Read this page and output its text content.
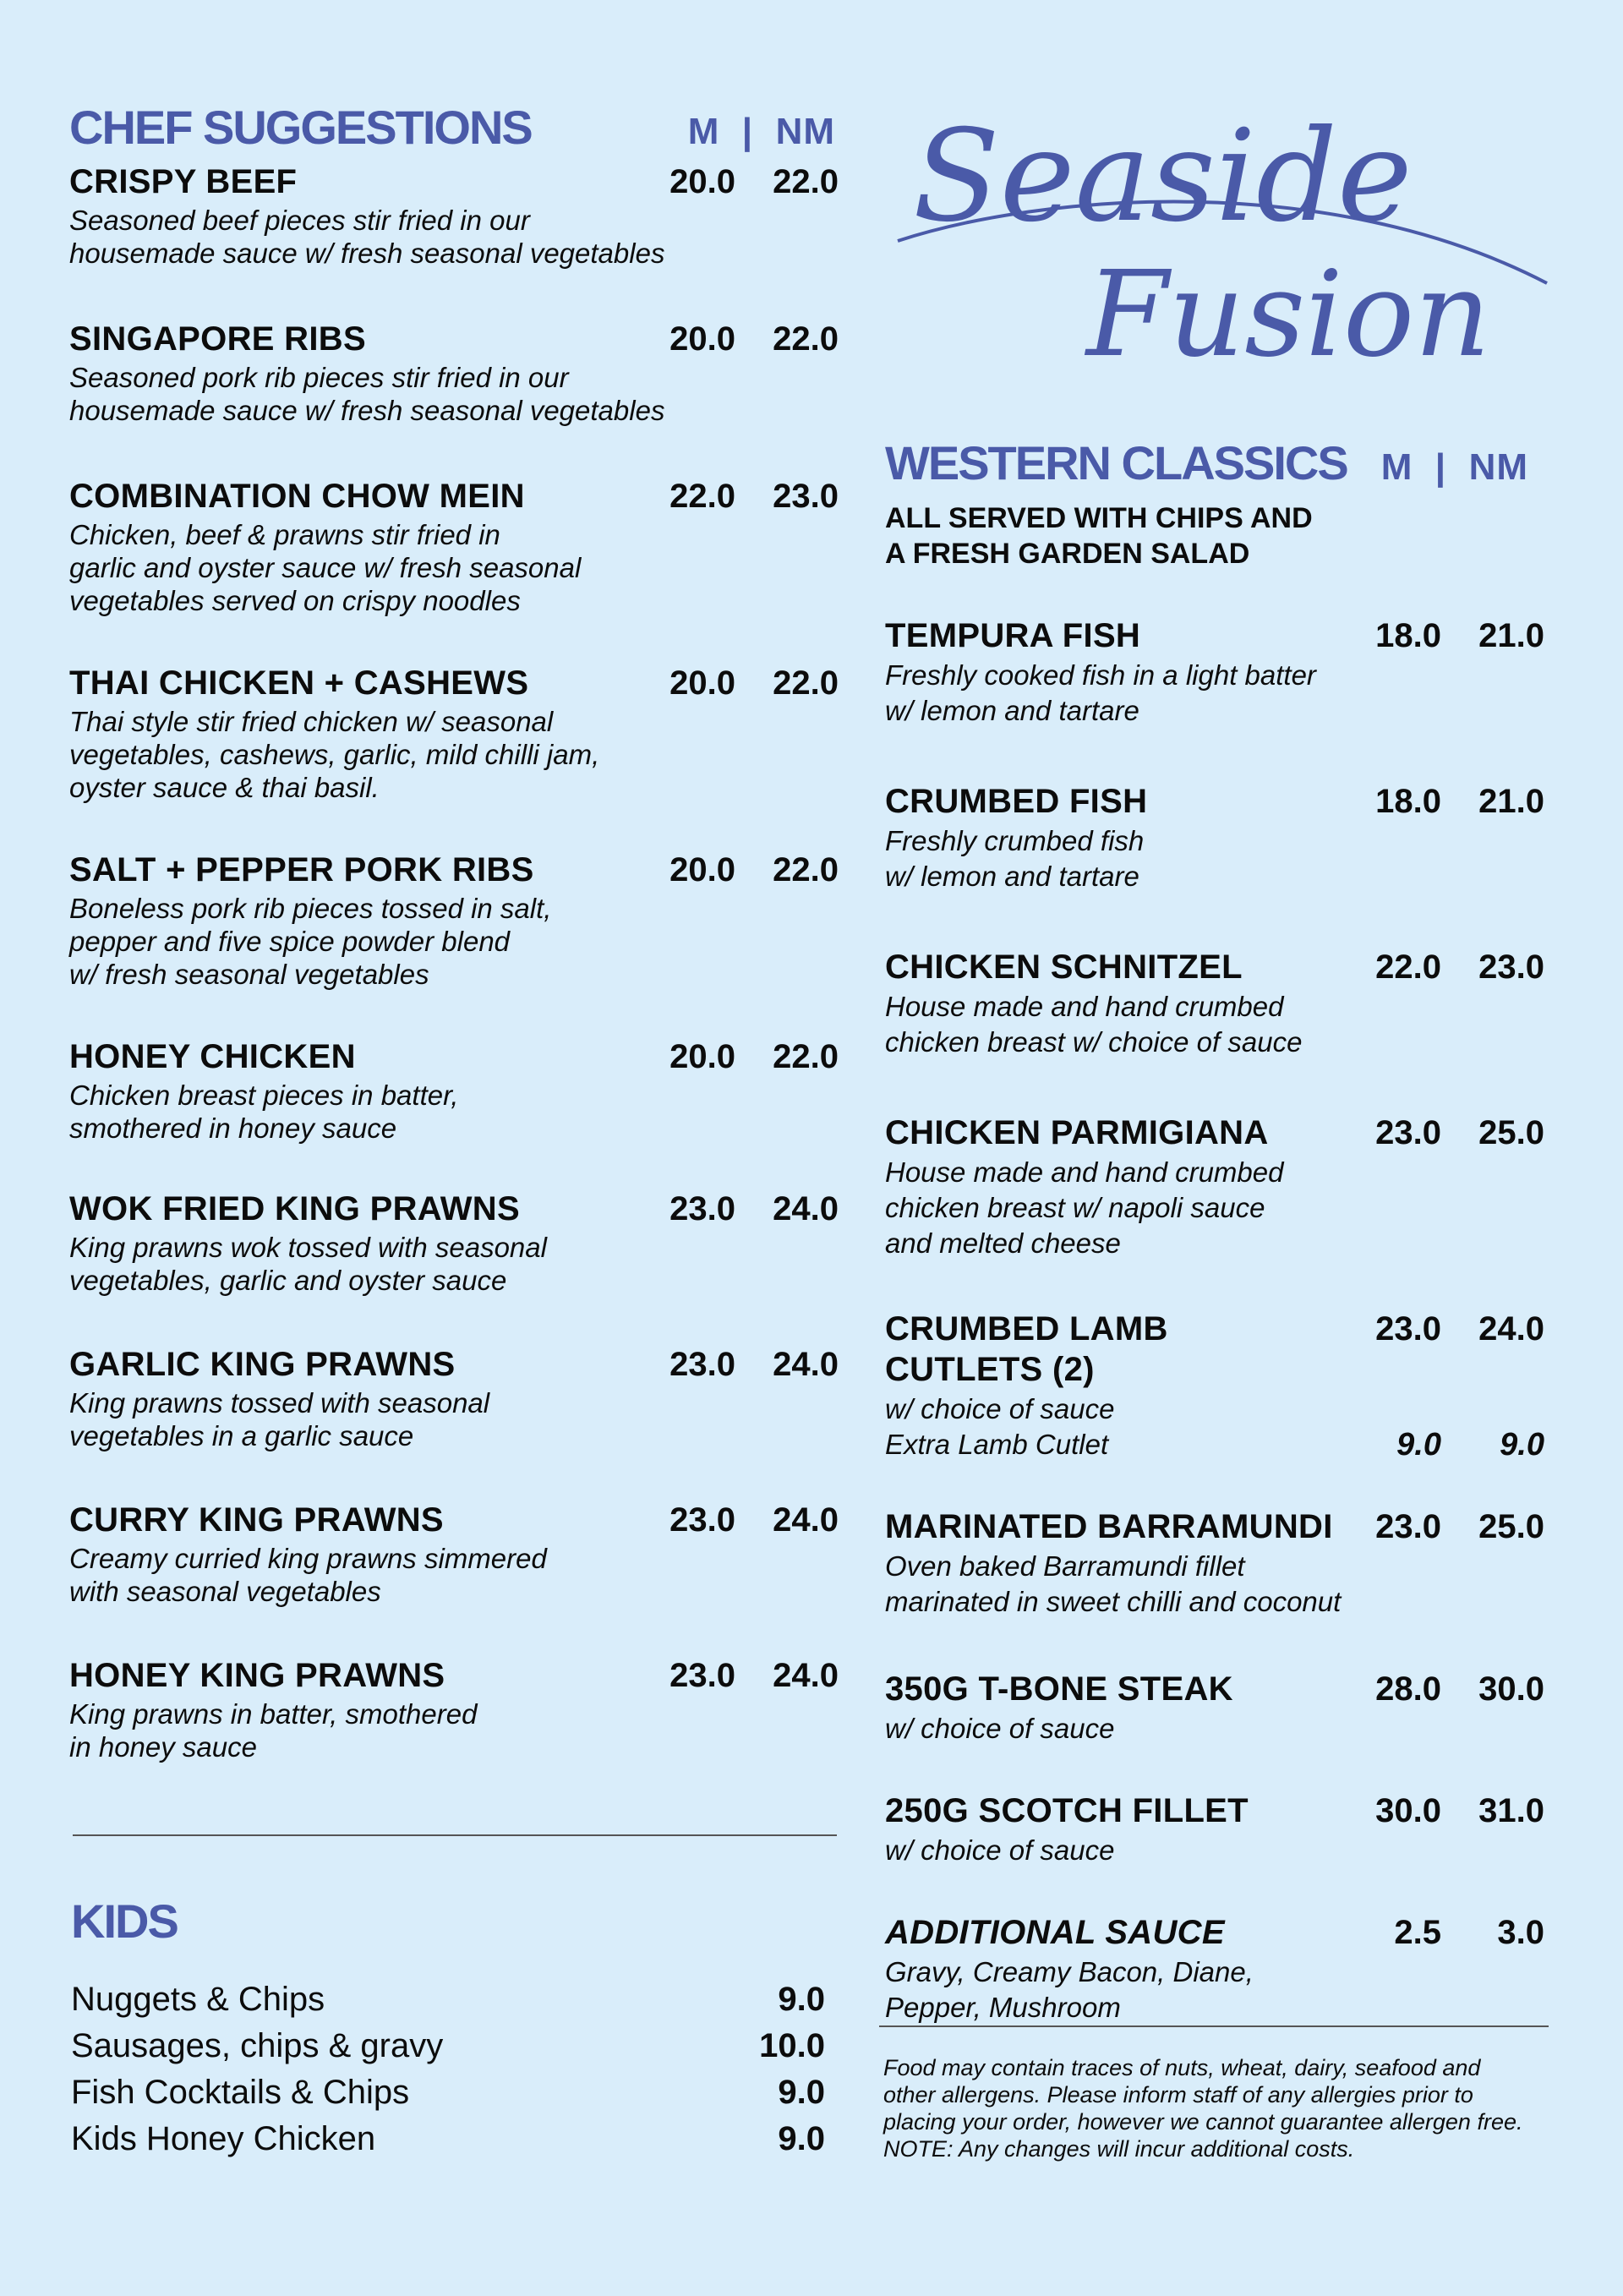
CHEF SUGGESTIONS	M  |  NM
CRISPY BEEF	20.0	22.0
Seasoned beef pieces stir fried in our
housemade sauce w/ fresh seasonal vegetables
SINGAPORE RIBS	20.0	22.0
Seasoned pork rib pieces stir fried in our
housemade sauce w/ fresh seasonal vegetables
COMBINATION CHOW MEIN	22.0	23.0
Chicken, beef & prawns stir fried in
garlic and oyster sauce w/ fresh seasonal
vegetables served on crispy noodles
THAI CHICKEN + CASHEWS	20.0	22.0
Thai style stir fried chicken w/ seasonal
vegetables, cashews, garlic, mild chilli jam,
oyster sauce & thai basil.
SALT + PEPPER PORK RIBS	20.0	22.0
Boneless pork rib pieces tossed in salt,
pepper and five spice powder blend
w/ fresh seasonal vegetables
HONEY CHICKEN	20.0	22.0
Chicken breast pieces in batter,
smothered in honey sauce
WOK FRIED KING PRAWNS	23.0	24.0
King prawns wok tossed with seasonal
vegetables, garlic and oyster sauce
GARLIC KING PRAWNS	23.0	24.0
King prawns tossed with seasonal
vegetables in a garlic sauce
CURRY KING PRAWNS	23.0	24.0
Creamy curried king prawns simmered
with seasonal vegetables
HONEY KING PRAWNS	23.0	24.0
King prawns in batter, smothered
in honey sauce
KIDS
Nuggets & Chips	9.0
Sausages, chips & gravy	10.0
Fish Cocktails & Chips	9.0
Kids Honey Chicken	9.0
Seaside
Fusion
WESTERN CLASSICS M  |  NM
ALL SERVED WITH CHIPS AND
A FRESH GARDEN SALAD
TEMPURA FISH	18.0	21.0
Freshly cooked fish in a light batter
w/ lemon and tartare
CRUMBED FISH	18.0	21.0
Freshly crumbed fish
w/ lemon and tartare
CHICKEN SCHNITZEL	22.0	23.0
House made and hand crumbed
chicken breast w/ choice of sauce
CHICKEN PARMIGIANA	23.0	25.0
House made and hand crumbed
chicken breast w/ napoli sauce
and melted cheese
CRUMBED LAMB
CUTLETS (2)
23.0	24.0
w/ choice of sauce
Extra Lamb Cutlet	9.0	9.0
MARINATED BARRAMUNDI	23.0	25.0
Oven baked Barramundi fillet
marinated in sweet chilli and coconut
350G T-BONE STEAK	28.0	30.0
w/ choice of sauce
250G SCOTCH FILLET	30.0	31.0
w/ choice of sauce
ADDITIONAL SAUCE	2.5	3.0
Gravy, Creamy Bacon, Diane,
Pepper, Mushroom
Food may contain traces of nuts, wheat, dairy, seafood and
other allergens. Please inform staff of any allergies prior to
placing your order, however we cannot guarantee allergen free.
NOTE: Any changes will incur additional costs.
